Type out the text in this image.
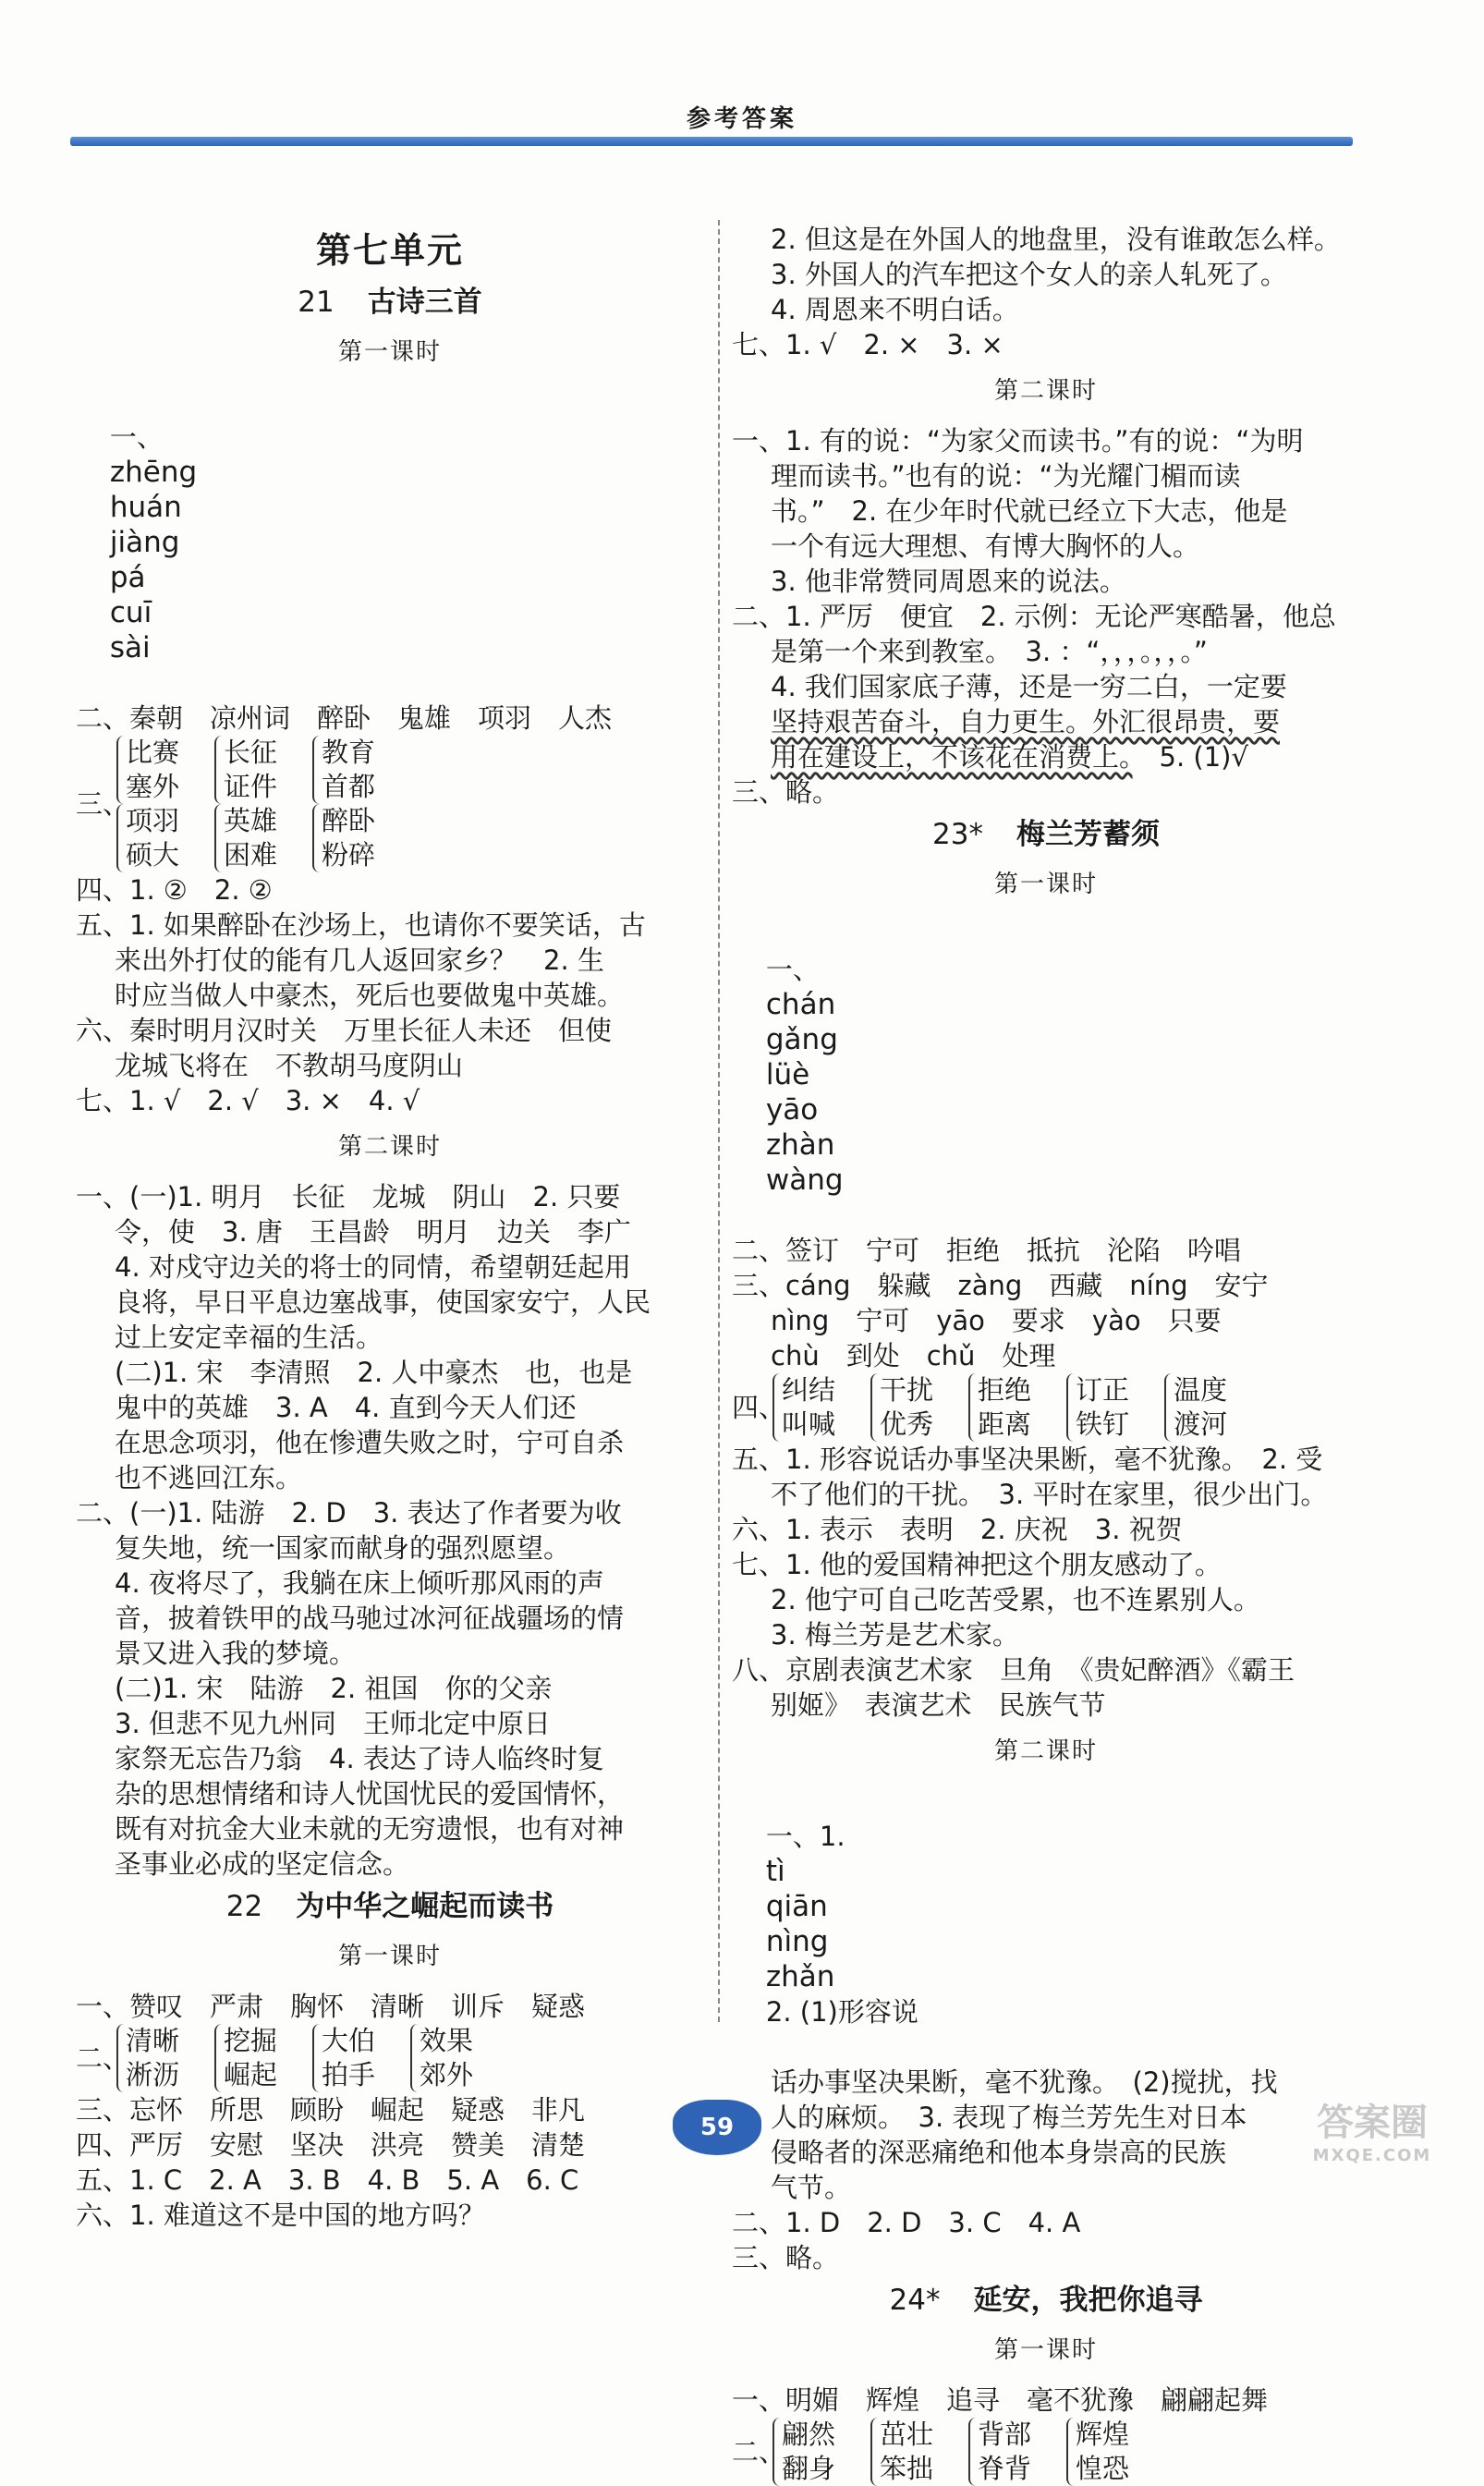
参考答案
第七单元
21 古诗三首
第一课时

一、
zhēng
huán
jiàng
pá
cuī
sài

二、秦朝　凉州词　醉卧　鬼雄　项羽　人杰
三、
比赛
塞外
长征
证件
教育
首都
项羽
硕大
英雄
困难
醉卧
粉碎
四、1. ②　2. ②
五、1. 如果醉卧在沙场上，也请你不要笑话，古
来出外打仗的能有几人返回家乡？　2. 生
时应当做人中豪杰，死后也要做鬼中英雄。
六、秦时明月汉时关　万里长征人未还　但使
龙城飞将在　不教胡马度阴山
七、1. √　2. √　3. ×　4. √
第二课时
一、(一)1. 明月　长征　龙城　阴山　2. 只要
令，使　3. 唐　王昌龄　明月　边关　李广
4. 对戍守边关的将士的同情，希望朝廷起用
良将，早日平息边塞战事，使国家安宁，人民
过上安定幸福的生活。
(二)1. 宋　李清照　2. 人中豪杰　也，也是
鬼中的英雄　3. A　4. 直到今天人们还
在思念项羽，他在惨遭失败之时，宁可自杀
也不逃回江东。
二、(一)1. 陆游　2. D　3. 表达了作者要为收
复失地，统一国家而献身的强烈愿望。
4. 夜将尽了，我躺在床上倾听那风雨的声
音，披着铁甲的战马驰过冰河征战疆场的情
景又进入我的梦境。
(二)1. 宋　陆游　2. 祖国　你的父亲
3. 但悲不见九州同　王师北定中原日
家祭无忘告乃翁　4. 表达了诗人临终时复
杂的思想情绪和诗人忧国忧民的爱国情怀，
既有对抗金大业未就的无穷遗恨，也有对神
圣事业必成的坚定信念。
22 为中华之崛起而读书
第一课时
一、赞叹　严肃　胸怀　清晰　训斥　疑惑
二、
清晰
淅沥
挖掘
崛起
大伯
拍手
效果
郊外
三、忘怀　所思　顾盼　崛起　疑惑　非凡
四、严厉　安慰　坚决　洪亮　赞美　清楚
五、1. C　2. A　3. B　4. B　5. A　6. C
六、1. 难道这不是中国的地方吗？
2. 但这是在外国人的地盘里，没有谁敢怎么样。
3. 外国人的汽车把这个女人的亲人轧死了。
4. 周恩来不明白话。
七、1. √　2. ×　3. ×
第二课时
一、1. 有的说：“为家父而读书。”有的说：“为明
理而读书。”也有的说：“为光耀门楣而读
书。”　2. 在少年时代就已经立下大志，他是
一个有远大理想、有博大胸怀的人。
3. 他非常赞同周恩来的说法。
二、1. 严厉　便宜　2. 示例：无论严寒酷暑，他总
是第一个来到教室。　3. ：“，，，。，，。”
4. 我们国家底子薄，还是一穷二白，一定要
坚持艰苦奋斗，自力更生。外汇很昂贵，要
用在建设上，不该花在消费上。　5. (1)√
三、略。
23* 梅兰芳蓄须
第一课时

一、
chán
gǎng
lüè
yāo
zhàn
wàng

二、签订　宁可　拒绝　抵抗　沦陷　吟唱
三、cáng　躲藏　zàng　西藏　níng　安宁
nìng　宁可　yāo　要求　yào　只要
chù　到处　chǔ　处理
四、
纠结
叫喊
干扰
优秀
拒绝
距离
订正
铁钉
温度
渡河
五、1. 形容说话办事坚决果断，毫不犹豫。　2. 受
不了他们的干扰。　3. 平时在家里，很少出门。
六、1. 表示　表明　2. 庆祝　3. 祝贺
七、1. 他的爱国精神把这个朋友感动了。
2. 他宁可自己吃苦受累，也不连累别人。
3. 梅兰芳是艺术家。
八、京剧表演艺术家　旦角　《贵妃醉酒》《霸王
别姬》　表演艺术　民族气节
第二课时

一、1.
tì
qiān
nìng
zhǎn
2. (1)形容说

话办事坚决果断，毫不犹豫。　(2)搅扰，找
人的麻烦。　3. 表现了梅兰芳先生对日本
侵略者的深恶痛绝和他本身崇高的民族
气节。
二、1. D　2. D　3. C　4. A
三、略。
24* 延安，我把你追寻
第一课时
一、明媚　辉煌　追寻　毫不犹豫　翩翩起舞
二、
翩然
翻身
茁壮
笨拙
背部
脊背
辉煌
惶恐
59	答案圈
MXQE.COM
